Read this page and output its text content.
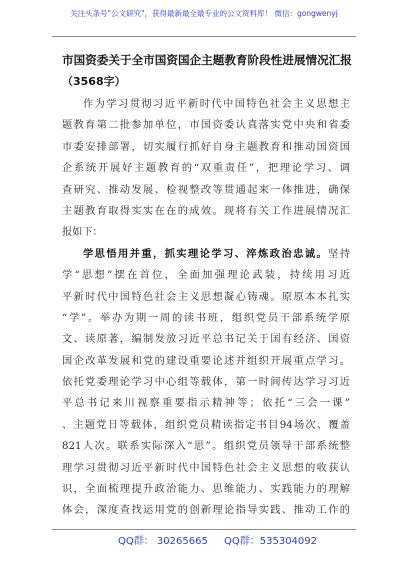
关注头条号"公文研究"，获得最新最全最专业的公文资料库！ 微信：gongwenyj
市国资委关于全市国资国企主题教育阶段性进展情况汇报
（3568字）
作为学习贯彻习近平新时代中国特色社会主义思想主
题教育第二批参加单位，市国资委认真落实党中央和省委
市委安排部署，切实履行抓好自身主题教育和推动国资国
企系统开展好主题教育的“双重责任”，把理论学习、调
查研究、推动发展、检视整改等贯通起来一体推进，确保
主题教育取得实实在在的成效。现将有关工作进展情况汇
报如下：
学思悟用并重，抓实理论学习、淬炼政治忠诚。坚持
学“思想”摆在首位，全面加强理论武装，持续用习近
平新时代中国特色社会主义思想凝心铸魂。原原本本扎实
“学”。举办为期一周的读书班，组织党员干部系统学原
文、读原著，编制发放习近平总书记关于国有经济、国资
国企改革发展和党的建设重要论述并组织开展重点学习。
依托党委理论学习中心组等载体，第一时间传达学习习近
平总书记来川视察重要指示精神等；依托“三会一课”
、主题党日等载体，组织党员精读指定书目94场次、覆盖
821人次。联系实际深入“思”。组织党员领导干部系统整
理学习贯彻习近平新时代中国特色社会主义思想的收获认
识，全面梳理提升政治能力、思维能力、实践能力的理解
体会，深度查找运用党的创新理论指导实践、推动工作的
QQ群： 30265665 QQ群：535304092
